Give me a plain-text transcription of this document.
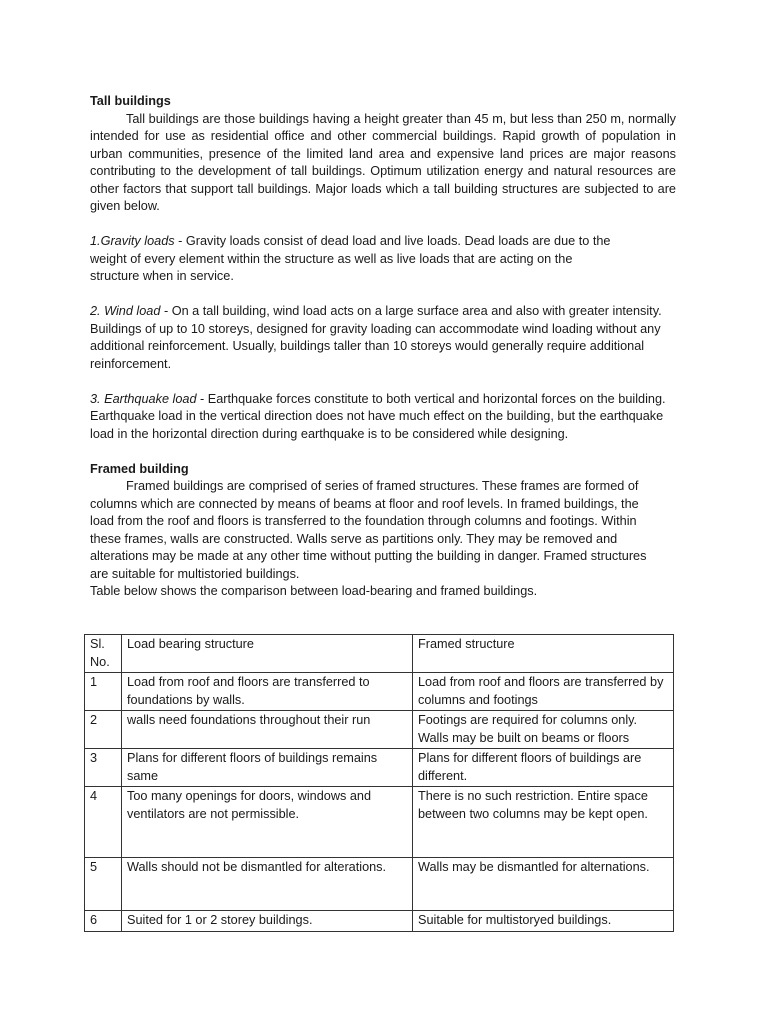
Tall buildings

Tall buildings are those buildings having a height greater than 45 m, but less than 250 m, normally intended for use as residential office and other commercial buildings. Rapid growth of population in urban communities, presence of the limited land area and expensive land prices are major reasons contributing to the development of tall buildings. Optimum utilization energy and natural resources are other factors that support tall buildings. Major loads which a tall building structures are subjected to are given below.

1.Gravity loads - Gravity loads consist of dead load and live loads. Dead loads are due to the weight of every element within the structure as well as live loads that are acting on the structure when in service.

2. Wind load - On a tall building, wind load acts on a large surface area and also with greater intensity. Buildings of up to 10 storeys, designed for gravity loading can accommodate wind loading without any additional reinforcement. Usually, buildings taller than 10 storeys would generally require additional reinforcement.

3. Earthquake load - Earthquake forces constitute to both vertical and horizontal forces on the building. Earthquake load in the vertical direction does not have much effect on the building, but the earthquake load in the horizontal direction during earthquake is to be considered while designing.

Framed building

Framed buildings are comprised of series of framed structures. These frames are formed of columns which are connected by means of beams at floor and roof levels. In framed buildings, the load from the roof and floors is transferred to the foundation through columns and footings. Within these frames, walls are constructed. Walls serve as partitions only. They may be removed and alterations may be made at any other time without putting the building in danger. Framed structures are suitable for multistoried buildings.

Table below shows the comparison between load-bearing and framed buildings.

Sl. No.	Load bearing structure	Framed structure
1	Load from roof and floors are transferred to foundations by walls.	Load from roof and floors are transferred by columns and footings
2	walls need foundations throughout their run	Footings are required for columns only. Walls may be built on beams or floors
3	Plans for different floors of buildings remains same	Plans for different floors of buildings are different.
4	Too many openings for doors, windows and ventilators are not permissible.	There is no such restriction. Entire space between two columns may be kept open.
5	Walls should not be dismantled for alterations.	Walls may be dismantled for alternations.
6	Suited for 1 or 2 storey buildings.	Suitable for multistoryed buildings.
